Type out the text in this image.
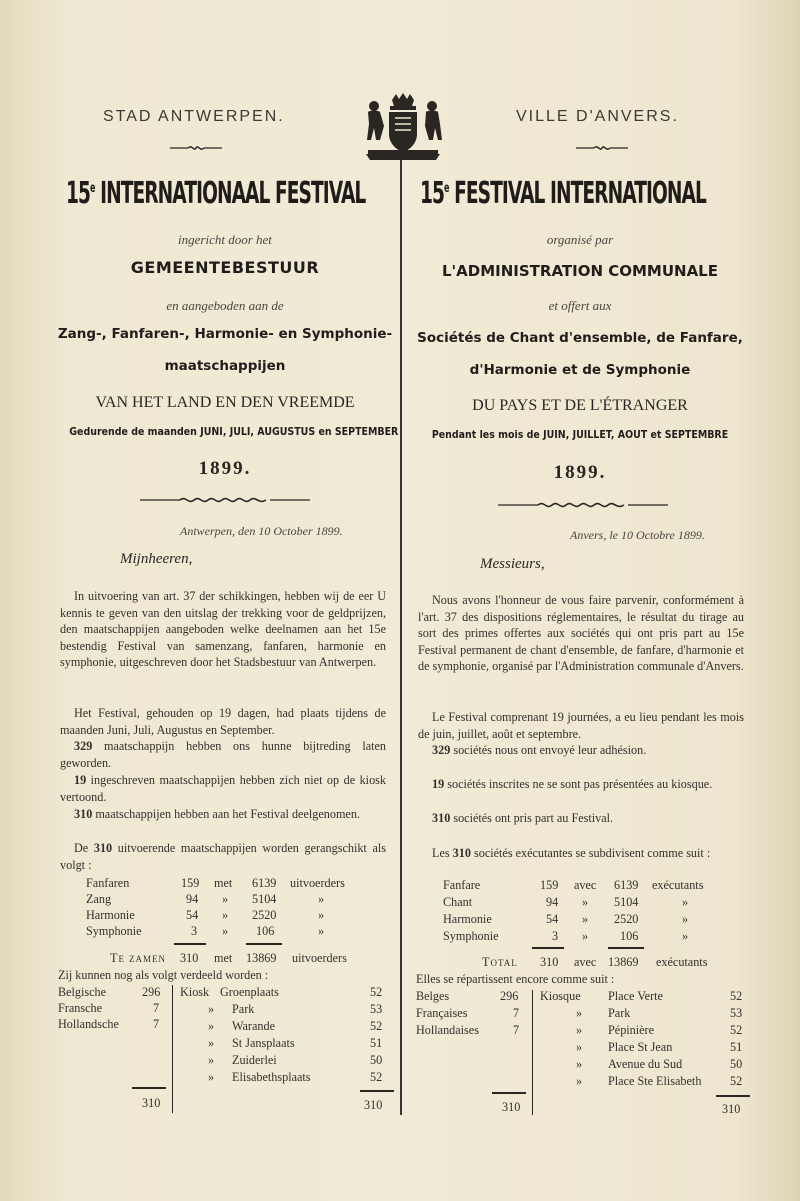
STAD ANTWERPEN.
15e INTERNATIONAAL FESTIVAL
ingericht door het
GEMEENTEBESTUUR
en aangeboden aan de
Zang-, Fanfaren-, Harmonie- en Symphonie-
maatschappijen
VAN HET LAND EN DEN VREEMDE
Gedurende de maanden JUNI, JULI, AUGUSTUS en SEPTEMBER
1899.
Antwerpen, den 10 October 1899.
Mijnheeren,
In uitvoering van art. 37 der schikkingen, hebben wij de eer U kennis te geven van den uitslag der trekking voor de geldprijzen, den maatschappijen aangeboden welke deelnamen aan het 15e bestendig Festival van samenzang, fanfaren, harmonie en symphonie, uitgeschreven door het Stadsbestuur van Antwerpen.
Het Festival, gehouden op 19 dagen, had plaats tijdens de maanden Juni, Juli, Augustus en September.
329 maatschappijn hebben ons hunne bijtreding laten geworden.
19 ingeschreven maatschappijen hebben zich niet op de kiosk vertoond.
310 maatschappijen hebben aan het Festival deelgenomen.
De 310 uitvoerende maatschappijen worden gerangschikt als volgt :
Fanfaren	159 met 6139 uitvoerders
Zang	94 » 5104	»
Harmonie	54 » 2520	»
Symphonie	3 » 106	»
Te zamen 310 met 13869 uitvoerders
Zij kunnen nog als volgt verdeeld worden :
Belgische	296
Fransche	7
Hollandsche	7
310
Kiosk Groenplaats	52
» Park	53
» Warande	52
» St Jansplaats	51
» Zuiderlei	50
» Elisabethsplaats	52
310
VILLE D'ANVERS.
15e FESTIVAL INTERNATIONAL
organisé par
L'ADMINISTRATION COMMUNALE
et offert aux
Sociétés de Chant d'ensemble, de Fanfare,
d'Harmonie et de Symphonie
DU PAYS ET DE L'ÉTRANGER
Pendant les mois de JUIN, JUILLET, AOUT et SEPTEMBRE
1899.
Anvers, le 10 Octobre 1899.
Messieurs,
Nous avons l'honneur de vous faire parvenir, conformément à l'art. 37 des dispositions réglementaires, le résultat du tirage au sort des primes offertes aux sociétés qui ont pris part au 15e Festival permanent de chant d'ensemble, de fanfare, d'harmonie et de symphonie, organisé par l'Administration communale d'Anvers.
Le Festival comprenant 19 journées, a eu lieu pendant les mois de juin, juillet, août et septembre.
329 sociétés nous ont envoyé leur adhésion.
19 sociétés inscrites ne se sont pas présentées au kiosque.
310 sociétés ont pris part au Festival.
Les 310 sociétés exécutantes se subdivisent comme suit :
Fanfare	159 avec 6139 exécutants
Chant	94 » 5104	»
Harmonie	54 » 2520	»
Symphonie	3 »	106	»
Total 310 avec 13869 exécutants
Elles se répartissent encore comme suit :
Belges	296
Françaises	7
Hollandaises	7
310
Kiosque Place Verte	52
» Park	53
» Pépinière	52
» Place St Jean	51
» Avenue du Sud	50
» Place Ste Elisabeth 52
310
